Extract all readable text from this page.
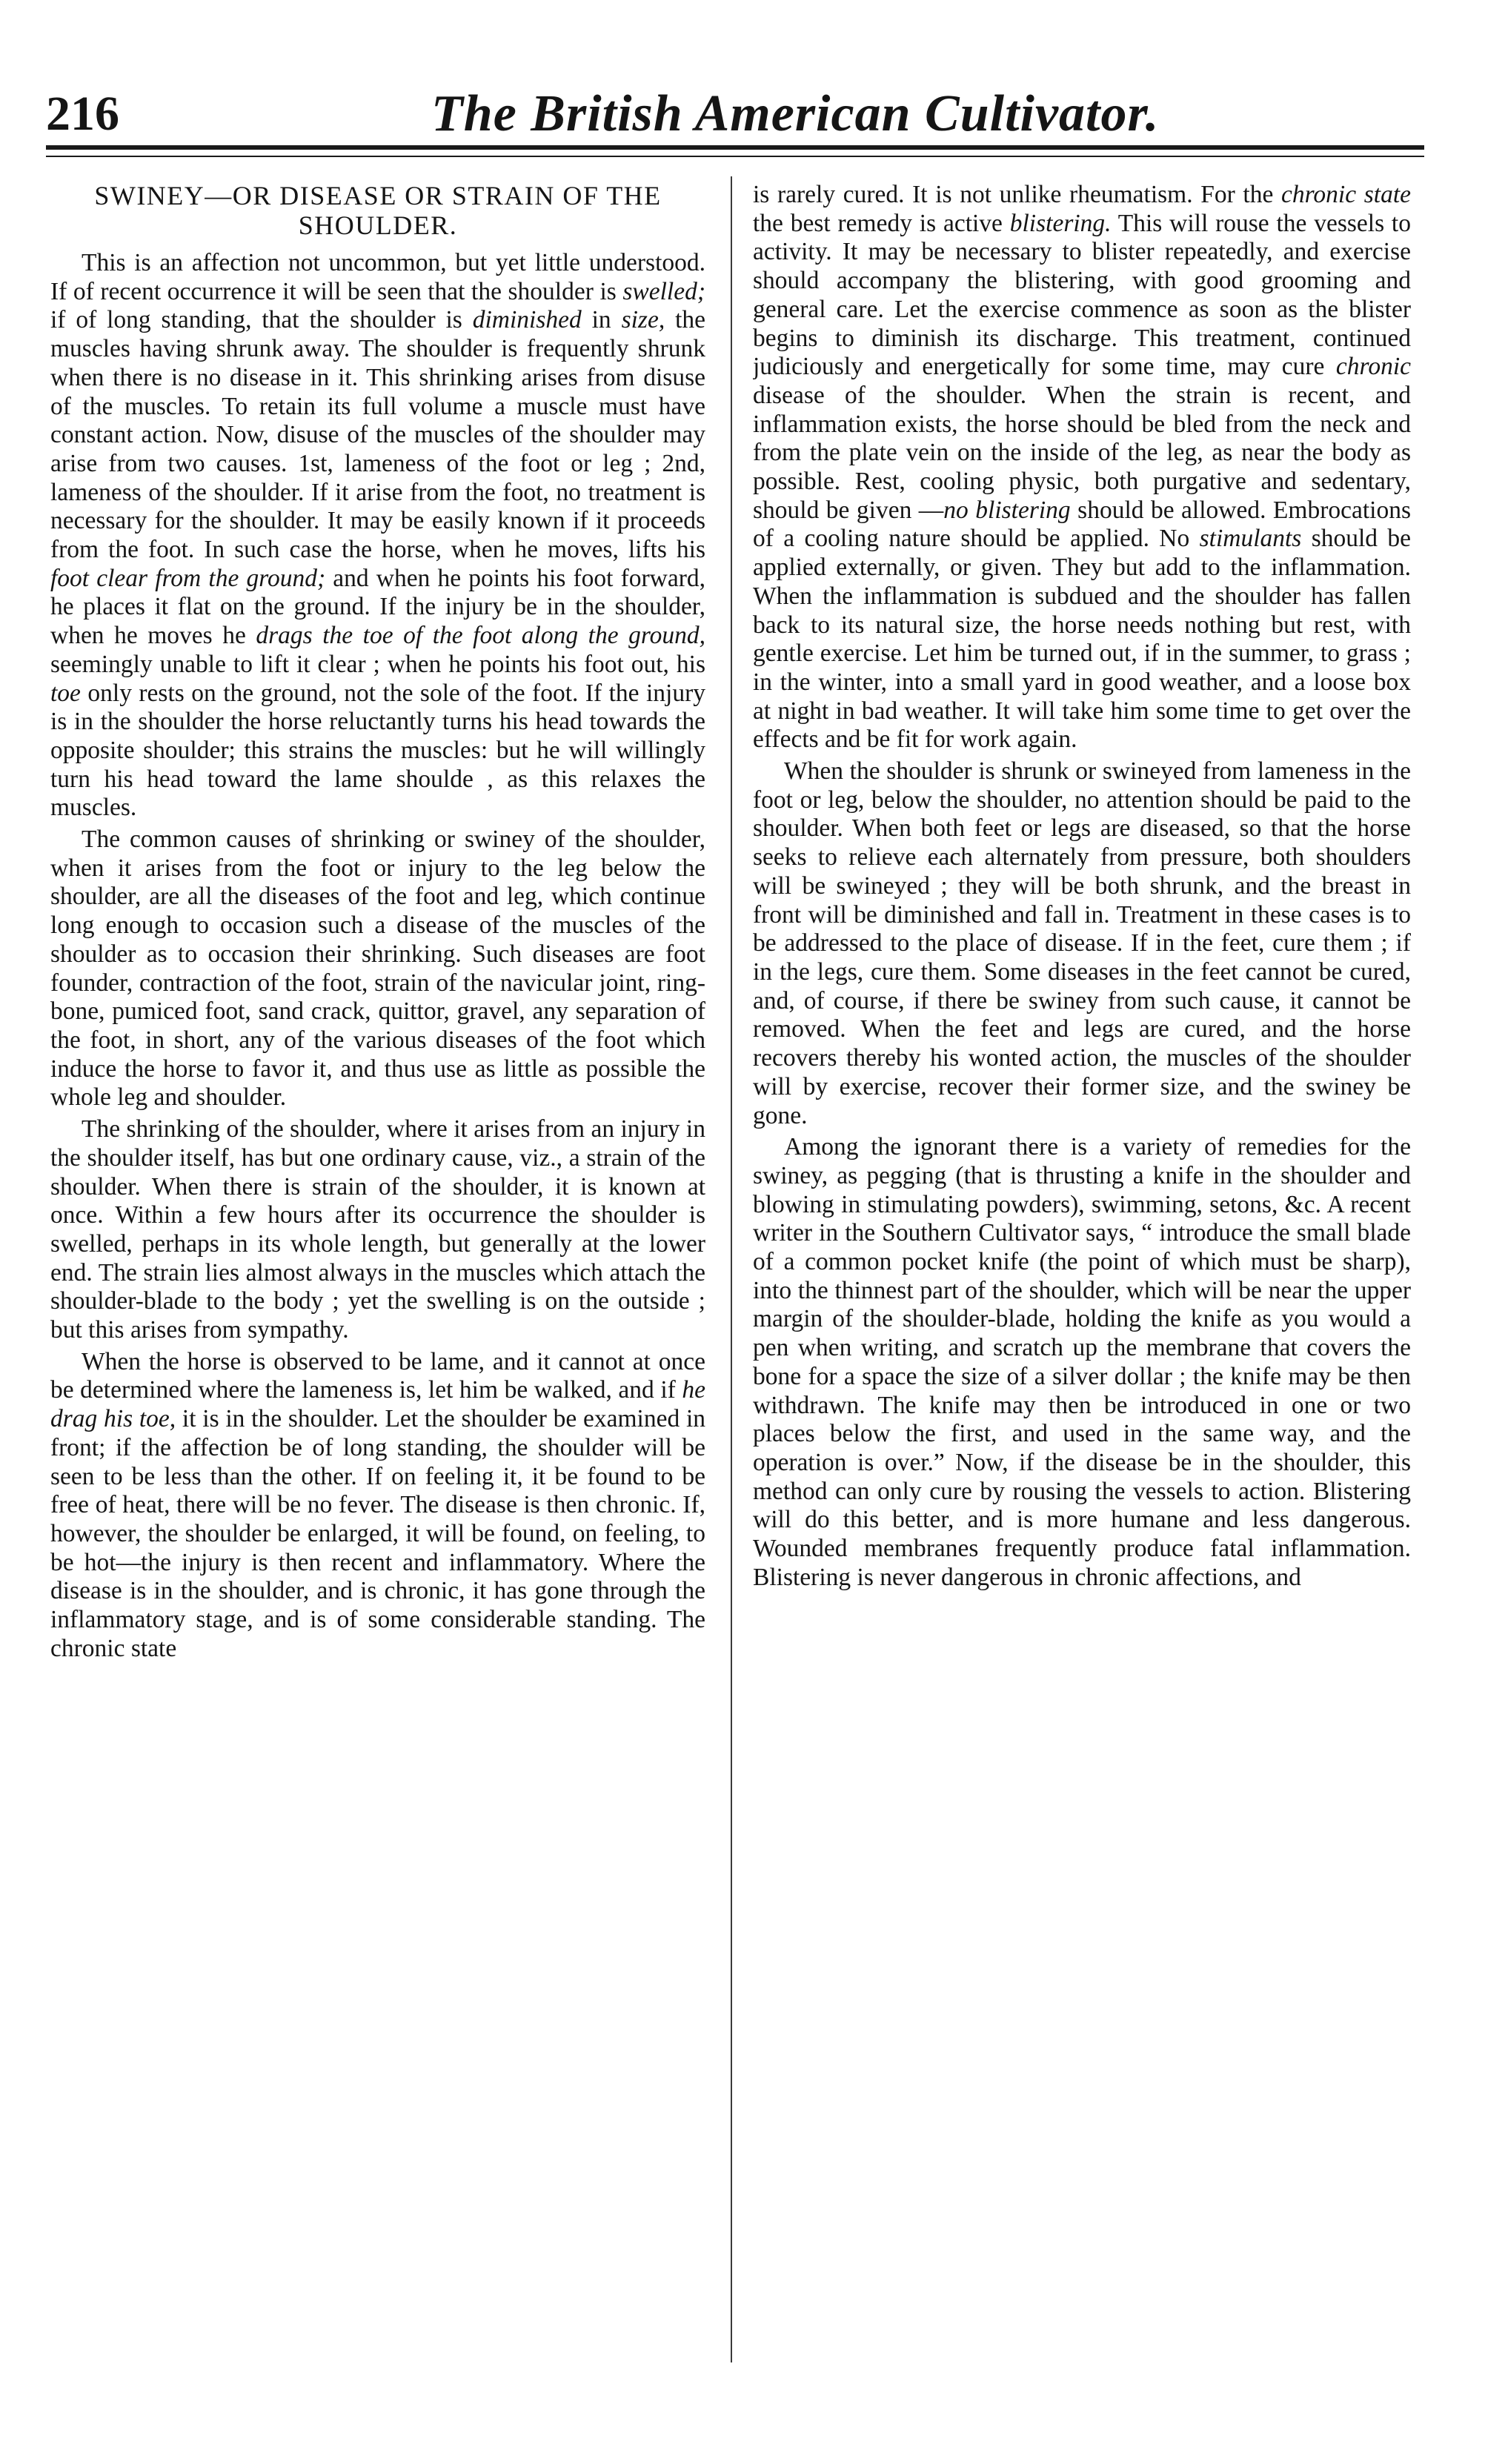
216	The British American Cultivator.
SWINEY—OR DISEASE OR STRAIN OF THE SHOULDER.

This is an affection not uncommon, but yet little understood. If of recent occurrence it will be seen that the shoulder is swelled; if of long standing, that the shoulder is diminished in size, the muscles having shrunk away. The shoulder is frequently shrunk when there is no disease in it. This shrinking arises from disuse of the muscles. To retain its full volume a muscle must have constant action. Now, disuse of the muscles of the shoulder may arise from two causes. 1st, lameness of the foot or leg ; 2nd, lameness of the shoulder. If it arise from the foot, no treatment is necessary for the shoulder. It may be easily known if it proceeds from the foot. In such case the horse, when he moves, lifts his foot clear from the ground; and when he points his foot forward, he places it flat on the ground. If the injury be in the shoulder, when he moves he drags the toe of the foot along the ground, seemingly unable to lift it clear ; when he points his foot out, his toe only rests on the ground, not the sole of the foot. If the injury is in the shoulder the horse reluctantly turns his head towards the opposite shoulder; this strains the muscles: but he will willingly turn his head toward the lame shoulde , as this relaxes the muscles.

The common causes of shrinking or swiney of the shoulder, when it arises from the foot or injury to the leg below the shoulder, are all the diseases of the foot and leg, which continue long enough to occasion such a disease of the muscles of the shoulder as to occasion their shrinking. Such diseases are foot founder, contraction of the foot, strain of the navicular joint, ring-bone, pumiced foot, sand crack, quittor, gravel, any separation of the foot, in short, any of the various diseases of the foot which induce the horse to favor it, and thus use as little as possible the whole leg and shoulder.

The shrinking of the shoulder, where it arises from an injury in the shoulder itself, has but one ordinary cause, viz., a strain of the shoulder. When there is strain of the shoulder, it is known at once. Within a few hours after its occurrence the shoulder is swelled, perhaps in its whole length, but generally at the lower end. The strain lies almost always in the muscles which attach the shoulder-blade to the body ; yet the swelling is on the outside ; but this arises from sympathy.

When the horse is observed to be lame, and it cannot at once be determined where the lameness is, let him be walked, and if he drag his toe, it is in the shoulder. Let the shoulder be examined in front; if the affection be of long standing, the shoulder will be seen to be less than the other. If on feeling it, it be found to be free of heat, there will be no fever. The disease is then chronic. If, however, the shoulder be enlarged, it will be found, on feeling, to be hot—the injury is then recent and inflammatory. Where the disease is in the shoulder, and is chronic, it has gone through the inflammatory stage, and is of some considerable standing. The chronic state

is rarely cured. It is not unlike rheumatism. For the chronic state the best remedy is active blistering. This will rouse the vessels to activity. It may be necessary to blister repeatedly, and exercise should accompany the blistering, with good grooming and general care. Let the exercise commence as soon as the blister begins to diminish its discharge. This treatment, continued judiciously and energetically for some time, may cure chronic disease of the shoulder. When the strain is recent, and inflammation exists, the horse should be bled from the neck and from the plate vein on the inside of the leg, as near the body as possible. Rest, cooling physic, both purgative and sedentary, should be given —no blistering should be allowed. Embrocations of a cooling nature should be applied. No stimulants should be applied externally, or given. They but add to the inflammation. When the inflammation is subdued and the shoulder has fallen back to its natural size, the horse needs nothing but rest, with gentle exercise. Let him be turned out, if in the summer, to grass ; in the winter, into a small yard in good weather, and a loose box at night in bad weather. It will take him some time to get over the effects and be fit for work again.

When the shoulder is shrunk or swineyed from lameness in the foot or leg, below the shoulder, no attention should be paid to the shoulder. When both feet or legs are diseased, so that the horse seeks to relieve each alternately from pressure, both shoulders will be swineyed ; they will be both shrunk, and the breast in front will be diminished and fall in. Treatment in these cases is to be addressed to the place of disease. If in the feet, cure them ; if in the legs, cure them. Some diseases in the feet cannot be cured, and, of course, if there be swiney from such cause, it cannot be removed. When the feet and legs are cured, and the horse recovers thereby his wonted action, the muscles of the shoulder will by exercise, recover their former size, and the swiney be gone.

Among the ignorant there is a variety of remedies for the swiney, as pegging (that is thrusting a knife in the shoulder and blowing in stimulating powders), swimming, setons, &c. A recent writer in the Southern Cultivator says, “ introduce the small blade of a common pocket knife (the point of which must be sharp), into the thinnest part of the shoulder, which will be near the upper margin of the shoulder-blade, holding the knife as you would a pen when writing, and scratch up the membrane that covers the bone for a space the size of a silver dollar ; the knife may be then withdrawn. The knife may then be introduced in one or two places below the first, and used in the same way, and the operation is over.” Now, if the disease be in the shoulder, this method can only cure by rousing the vessels to action. Blistering will do this better, and is more humane and less dangerous. Wounded membranes frequently produce fatal inflammation. Blistering is never dangerous in chronic affections, and
